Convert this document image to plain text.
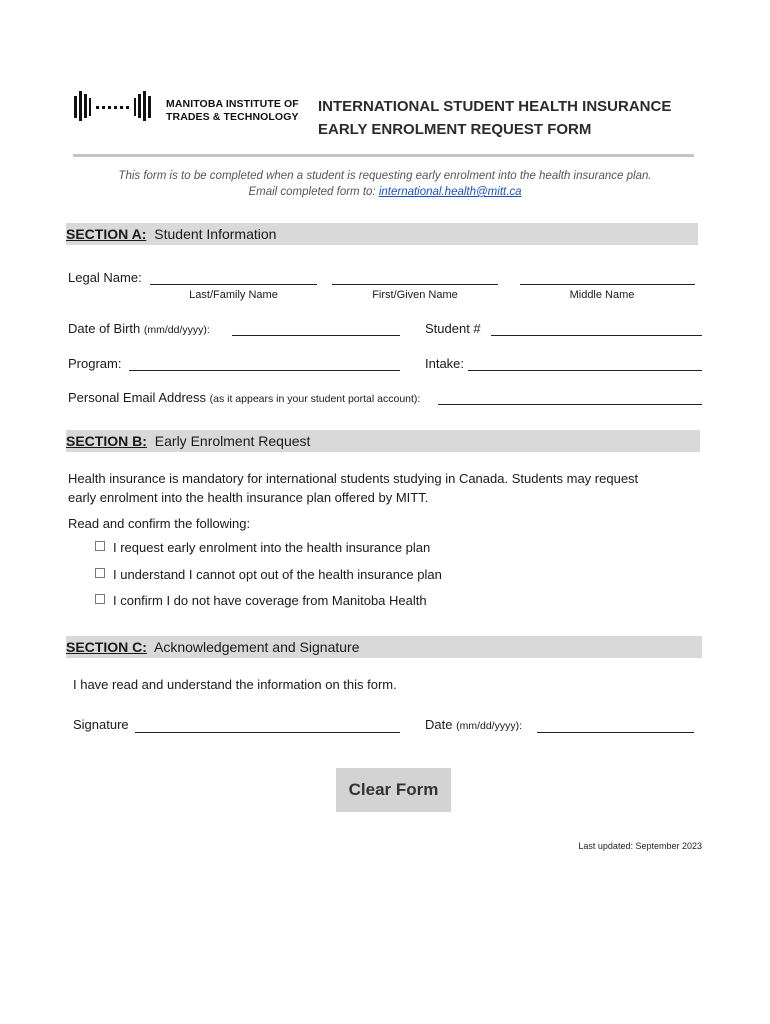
MANITOBA INSTITUTE OF
TRADES & TECHNOLOGY
INTERNATIONAL STUDENT HEALTH INSURANCE
EARLY ENROLMENT REQUEST FORM
This form is to be completed when a student is requesting early enrolment into the health insurance plan.
Email completed form to: international.health@mitt.ca
SECTION A: Student Information
Legal Name:
Last/Family Name	First/Given Name	Middle Name
Date of Birth (mm/dd/yyyy):	Student #
Program:	Intake:
Personal Email Address (as it appears in your student portal account):
SECTION B: Early Enrolment Request
Health insurance is mandatory for international students studying in Canada. Students may request
early enrolment into the health insurance plan offered by MITT.
Read and confirm the following:
I request early enrolment into the health insurance plan
I understand I cannot opt out of the health insurance plan
I confirm I do not have coverage from Manitoba Health
SECTION C: Acknowledgement and Signature
I have read and understand the information on this form.
Signature	Date (mm/dd/yyyy):
Clear Form
Last updated: September 2023
